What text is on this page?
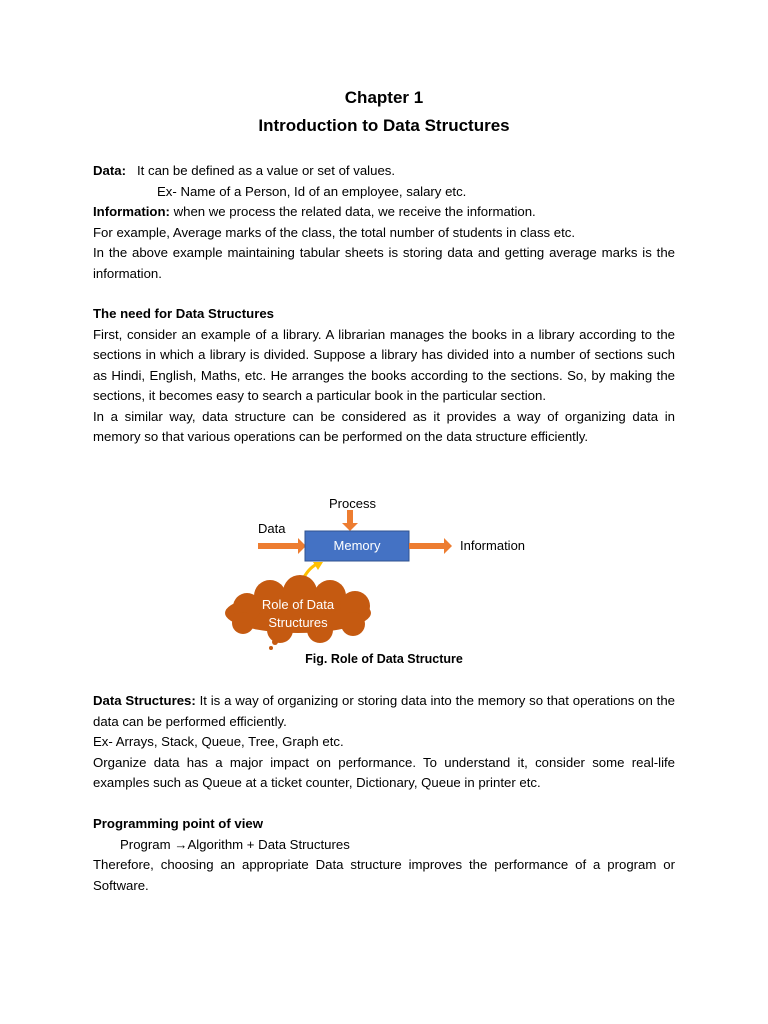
Chapter 1
Introduction to Data Structures

Data: It can be defined as a value or set of values.

Ex- Name of a Person, Id of an employee, salary etc.

Information: when we process the related data, we receive the information.

For example, Average marks of the class, the total number of students in class etc.

In the above example maintaining tabular sheets is storing data and getting average marks is the information.

The need for Data Structures

First, consider an example of a library. A librarian manages the books in a library according to the sections in which a library is divided. Suppose a library has divided into a number of sections such as Hindi, English, Maths, etc. He arranges the books according to the sections. So, by making the sections, it becomes easy to search a particular book in the particular section.

In a similar way, data structure can be considered as it provides a way of organizing data in memory so that various operations can be performed on the data structure efficiently.

Process
Data
Memory	Information
Role of Data
Structures
Fig. Role of Data Structure

Data Structures: It is a way of organizing or storing data into the memory so that operations on the data can be performed efficiently.

Ex- Arrays, Stack, Queue, Tree, Graph etc.

Organize data has a major impact on performance. To understand it, consider some real-life examples such as Queue at a ticket counter, Dictionary, Queue in printer etc.

Programming point of view

Program →Algorithm + Data Structures

Therefore, choosing an appropriate Data structure improves the performance of a program or Software.
